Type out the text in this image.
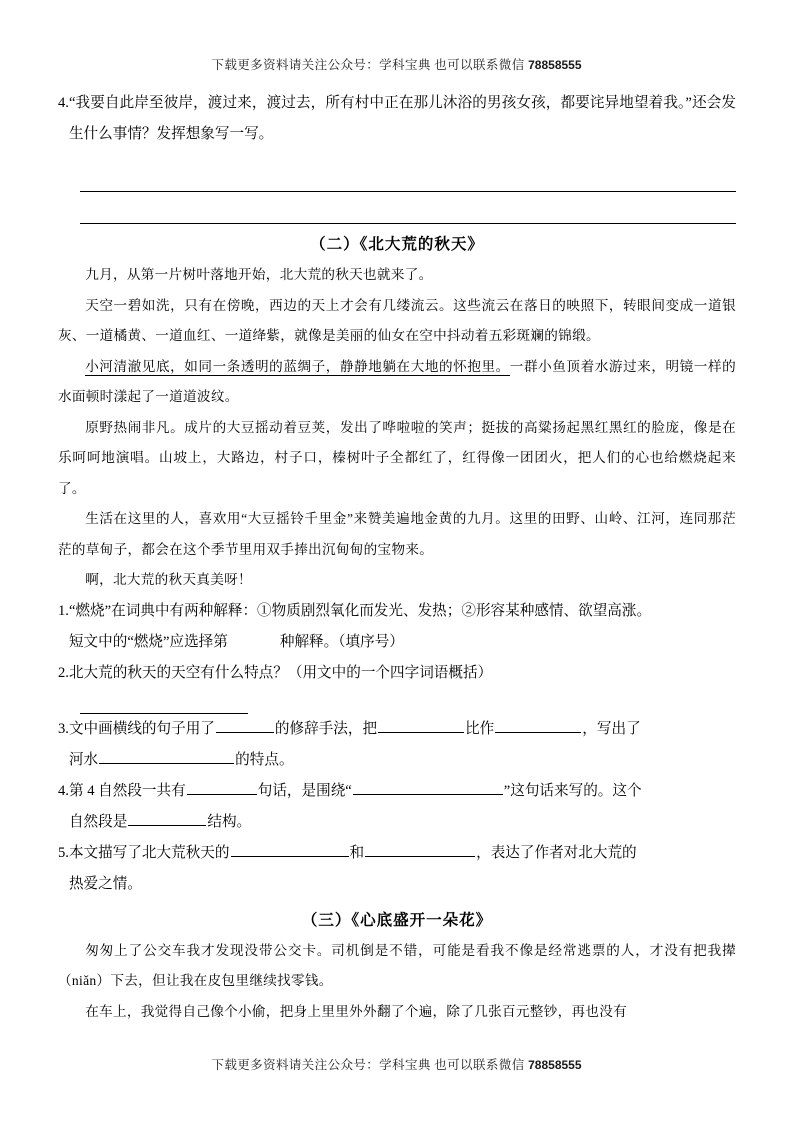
下载更多资料请关注公众号：学科宝典 也可以联系微信 78858555
4. “我要自此岸至彼岸，渡过来，渡过去，所有村中正在那儿沐浴的男孩女孩，都要诧异地望着我。”还会发生什么事情？发挥想象写一写。
（二）《北大荒的秋天》
九月，从第一片树叶落地开始，北大荒的秋天也就来了。
天空一碧如洗，只有在傍晚，西边的天上才会有几缕流云。这些流云在落日的映照下，转眼间变成一道银灰、一道橘黄、一道血红、一道绛紫，就像是美丽的仙女在空中抖动着五彩斑斓的锦缎。
小河清澈见底，如同一条透明的蓝绸子，静静地躺在大地的怀抱里。一群小鱼顶着水游过来，明镜一样的水面顿时漾起了一道道波纹。
原野热闹非凡。成片的大豆摇动着豆荚，发出了哗啦啦的笑声；挺拔的高粱扬起黑红黑红的脸庞，像是在乐呵呵地演唱。山坡上，大路边，村子口，榛树叶子全都红了，红得像一团团火，把人们的心也给燃烧起来了。
生活在这里的人，喜欢用“大豆摇铃千里金”来赞美遍地金黄的九月。这里的田野、山岭、江河，连同那茫茫的草甸子，都会在这个季节里用双手捧出沉甸甸的宝物来。
啊，北大荒的秋天真美呀！
1. “燃烧”在词典中有两种解释：①物质剧烈氧化而发光、发热；②形容某种感情、欲望高涨。
短文中的“燃烧”应选择第	种解释。（填序号）
2. 北大荒的秋天的天空有什么特点？（用文中的一个四字词语概括）
3. 文中画横线的句子用了	的修辞手法，把	比作	，写出了
河水	的特点。
4. 第 4 自然段一共有	句话，是围绕“	”这句话来写的。这个
自然段是	结构。
5. 本文描写了北大荒秋天的	和	，表达了作者对北大荒的
热爱之情。
（三）《心底盛开一朵花》
匆匆上了公交车我才发现没带公交卡。司机倒是不错，可能是看我不像是经常逃票的人，才没有把我撵（niǎn）下去，但让我在皮包里继续找零钱。
在车上，我觉得自己像个小偷，把身上里里外外翻了个遍，除了几张百元整钞，再也没有
下载更多资料请关注公众号：学科宝典 也可以联系微信 78858555
